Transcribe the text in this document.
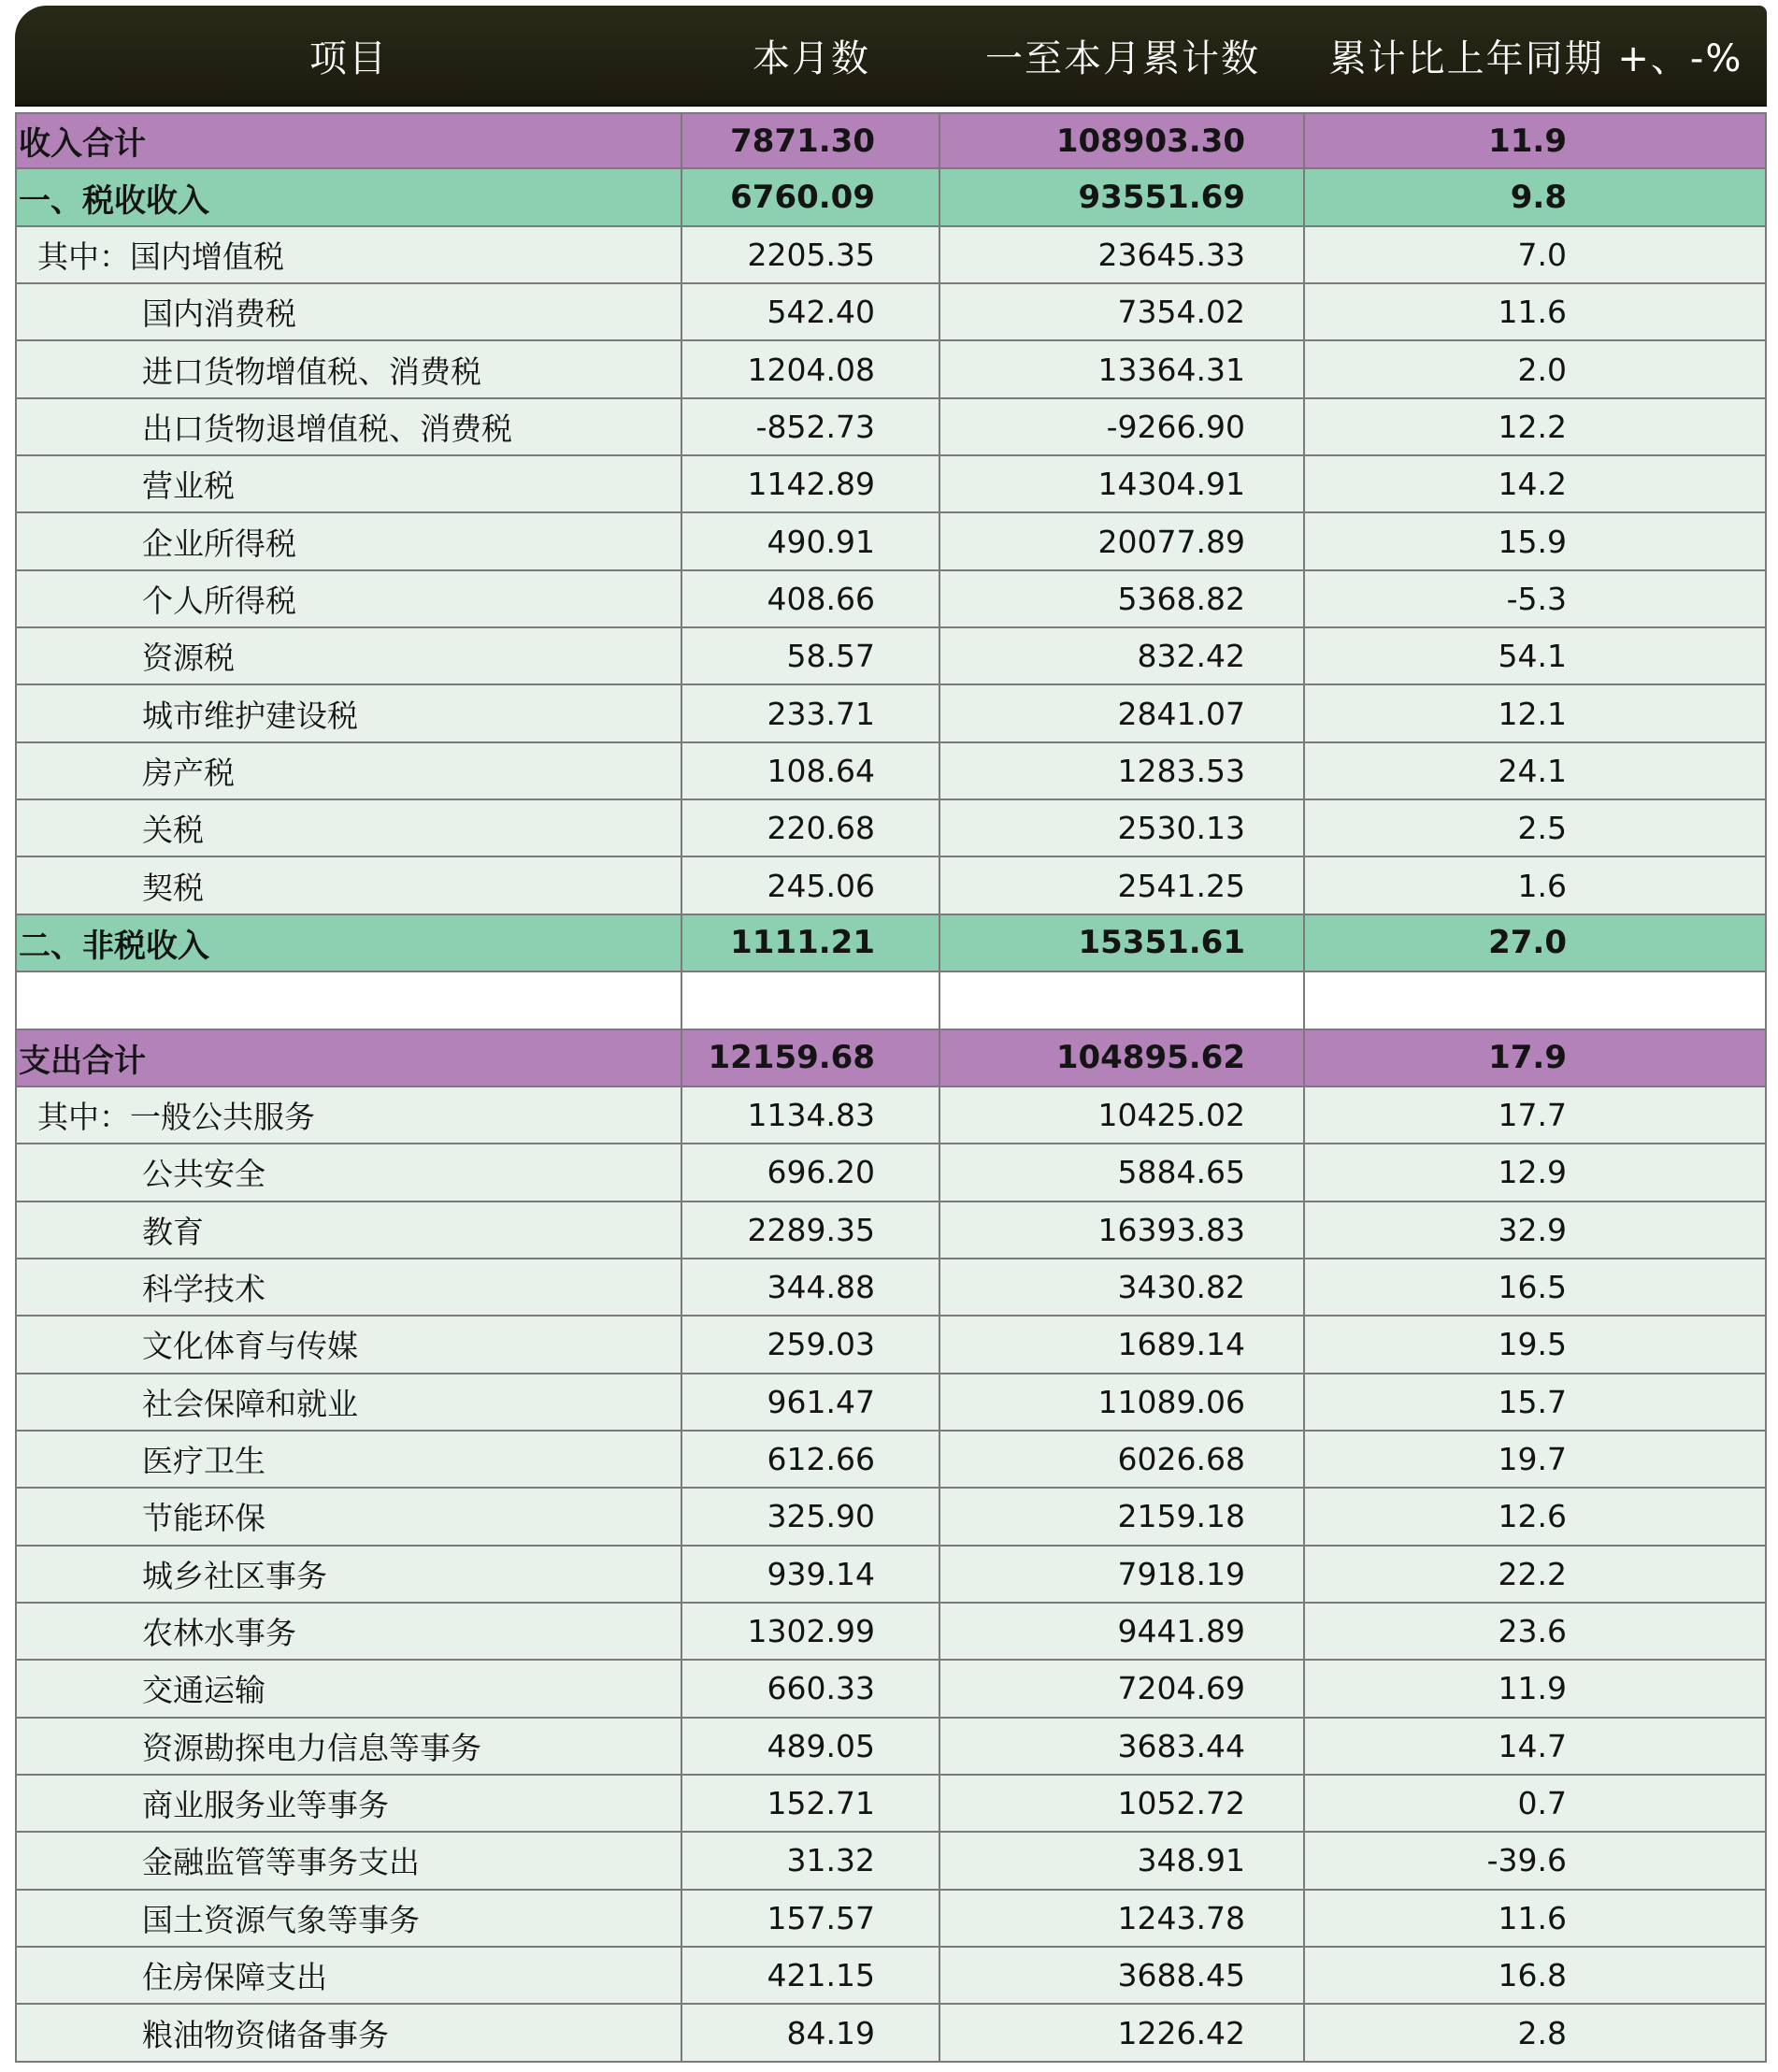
项目	本月数	一至本月累计数	累计比上年同期 +、-%
收入合计	7871.30	108903.30	11.9
一、税收收入	6760.09	93551.69	9.8
其中：国内增值税	2205.35	23645.33	7.0
国内消费税	542.40	7354.02	11.6
进口货物增值税、消费税	1204.08	13364.31	2.0
出口货物退增值税、消费税	-852.73	-9266.90	12.2
营业税	1142.89	14304.91	14.2
企业所得税	490.91	20077.89	15.9
个人所得税	408.66	5368.82	-5.3
资源税	58.57	832.42	54.1
城市维护建设税	233.71	2841.07	12.1
房产税	108.64	1283.53	24.1
关税	220.68	2530.13	2.5
契税	245.06	2541.25	1.6
二、非税收入	1111.21	15351.61	27.0
支出合计	12159.68	104895.62	17.9
其中：一般公共服务	1134.83	10425.02	17.7
公共安全	696.20	5884.65	12.9
教育	2289.35	16393.83	32.9
科学技术	344.88	3430.82	16.5
文化体育与传媒	259.03	1689.14	19.5
社会保障和就业	961.47	11089.06	15.7
医疗卫生	612.66	6026.68	19.7
节能环保	325.90	2159.18	12.6
城乡社区事务	939.14	7918.19	22.2
农林水事务	1302.99	9441.89	23.6
交通运输	660.33	7204.69	11.9
资源勘探电力信息等事务	489.05	3683.44	14.7
商业服务业等事务	152.71	1052.72	0.7
金融监管等事务支出	31.32	348.91	-39.6
国土资源气象等事务	157.57	1243.78	11.6
住房保障支出	421.15	3688.45	16.8
粮油物资储备事务	84.19	1226.42	2.8
